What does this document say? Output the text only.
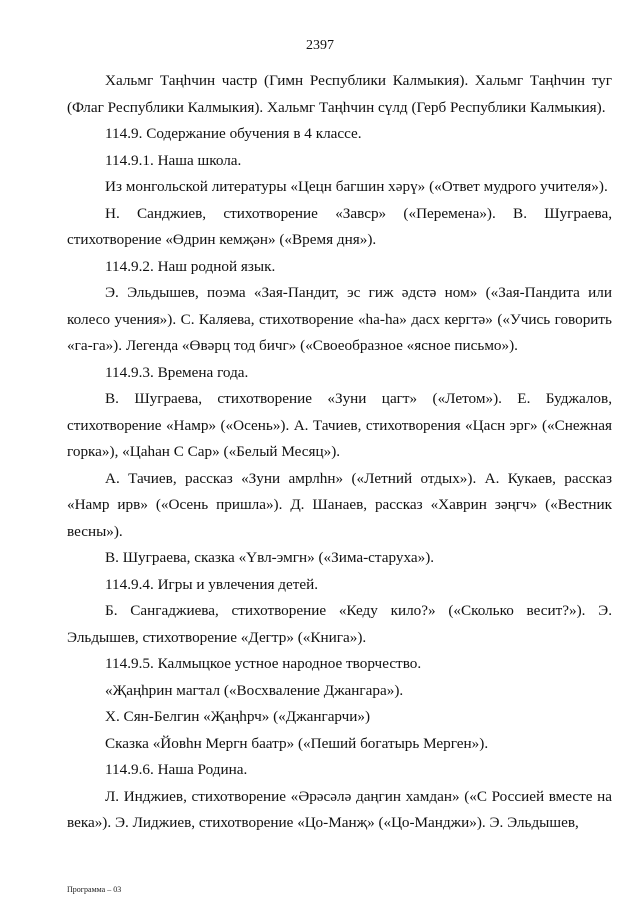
2397

Хальмг Таңһчин частр (Гимн Республики Калмыкия). Хальмг Таңһчин туг (Флаг Республики Калмыкия). Хальмг Таңһчин сүлд (Герб Республики Калмыкия).

114.9. Содержание обучения в 4 классе.

114.9.1. Наша школа.

Из монгольской литературы «Цецн багшин хәрү» («Ответ мудрого учителя»).

Н. Санджиев, стихотворение «Завср» («Перемена»). В. Шуграева, стихотворение «Өдрин кемҗән» («Время дня»).

114.9.2. Наш родной язык.

Э. Эльдышев, поэма «Зая-Пандит, эс гиж әдстә ном» («Зая-Пандита или колесо учения»). С. Каляева, стихотворение «һа-һа» дасх кергтә» («Учись говорить «га-га»). Легенда «Өвәрц тод бичг» («Своеобразное «ясное письмо»).

114.9.3. Времена года.

В. Шуграева, стихотворение «Зуни цагт» («Летом»). Е. Буджалов, стихотворение «Намр» («Осень»). А. Тачиев, стихотворения «Цасн эрг» («Снежная горка»), «Цаһан С Сар» («Белый Месяц»).

А. Тачиев, рассказ «Зуни амрлһн» («Летний отдых»). А. Кукаев, рассказ «Намр ирв» («Осень пришла»). Д. Шанаев, рассказ «Хаврин зәңгч» («Вестник весны»).

В. Шуграева, сказка «Үвл-эмгн» («Зима-старуха»).

114.9.4. Игры и увлечения детей.

Б. Сангаджиева, стихотворение «Кеду кило?» («Сколько весит?»). Э. Эльдышев, стихотворение «Дегтр» («Книга»).

114.9.5. Калмыцкое устное народное творчество.

«Җаңһрин магтал («Восхваление Джангара»).

Х. Сян-Белгин «Җаңһрч» («Джангарчи»)

Сказка «Йовһн Мергн баатр» («Пеший богатырь Мерген»).

114.9.6. Наша Родина.

Л. Инджиев, стихотворение «Әрәсәлә даңгин хамдан» («С Россией вместе на века»). Э. Лиджиев, стихотворение «Цо-Манҗ» («Цо-Манджи»). Э. Эльдышев,

Программа – 03
